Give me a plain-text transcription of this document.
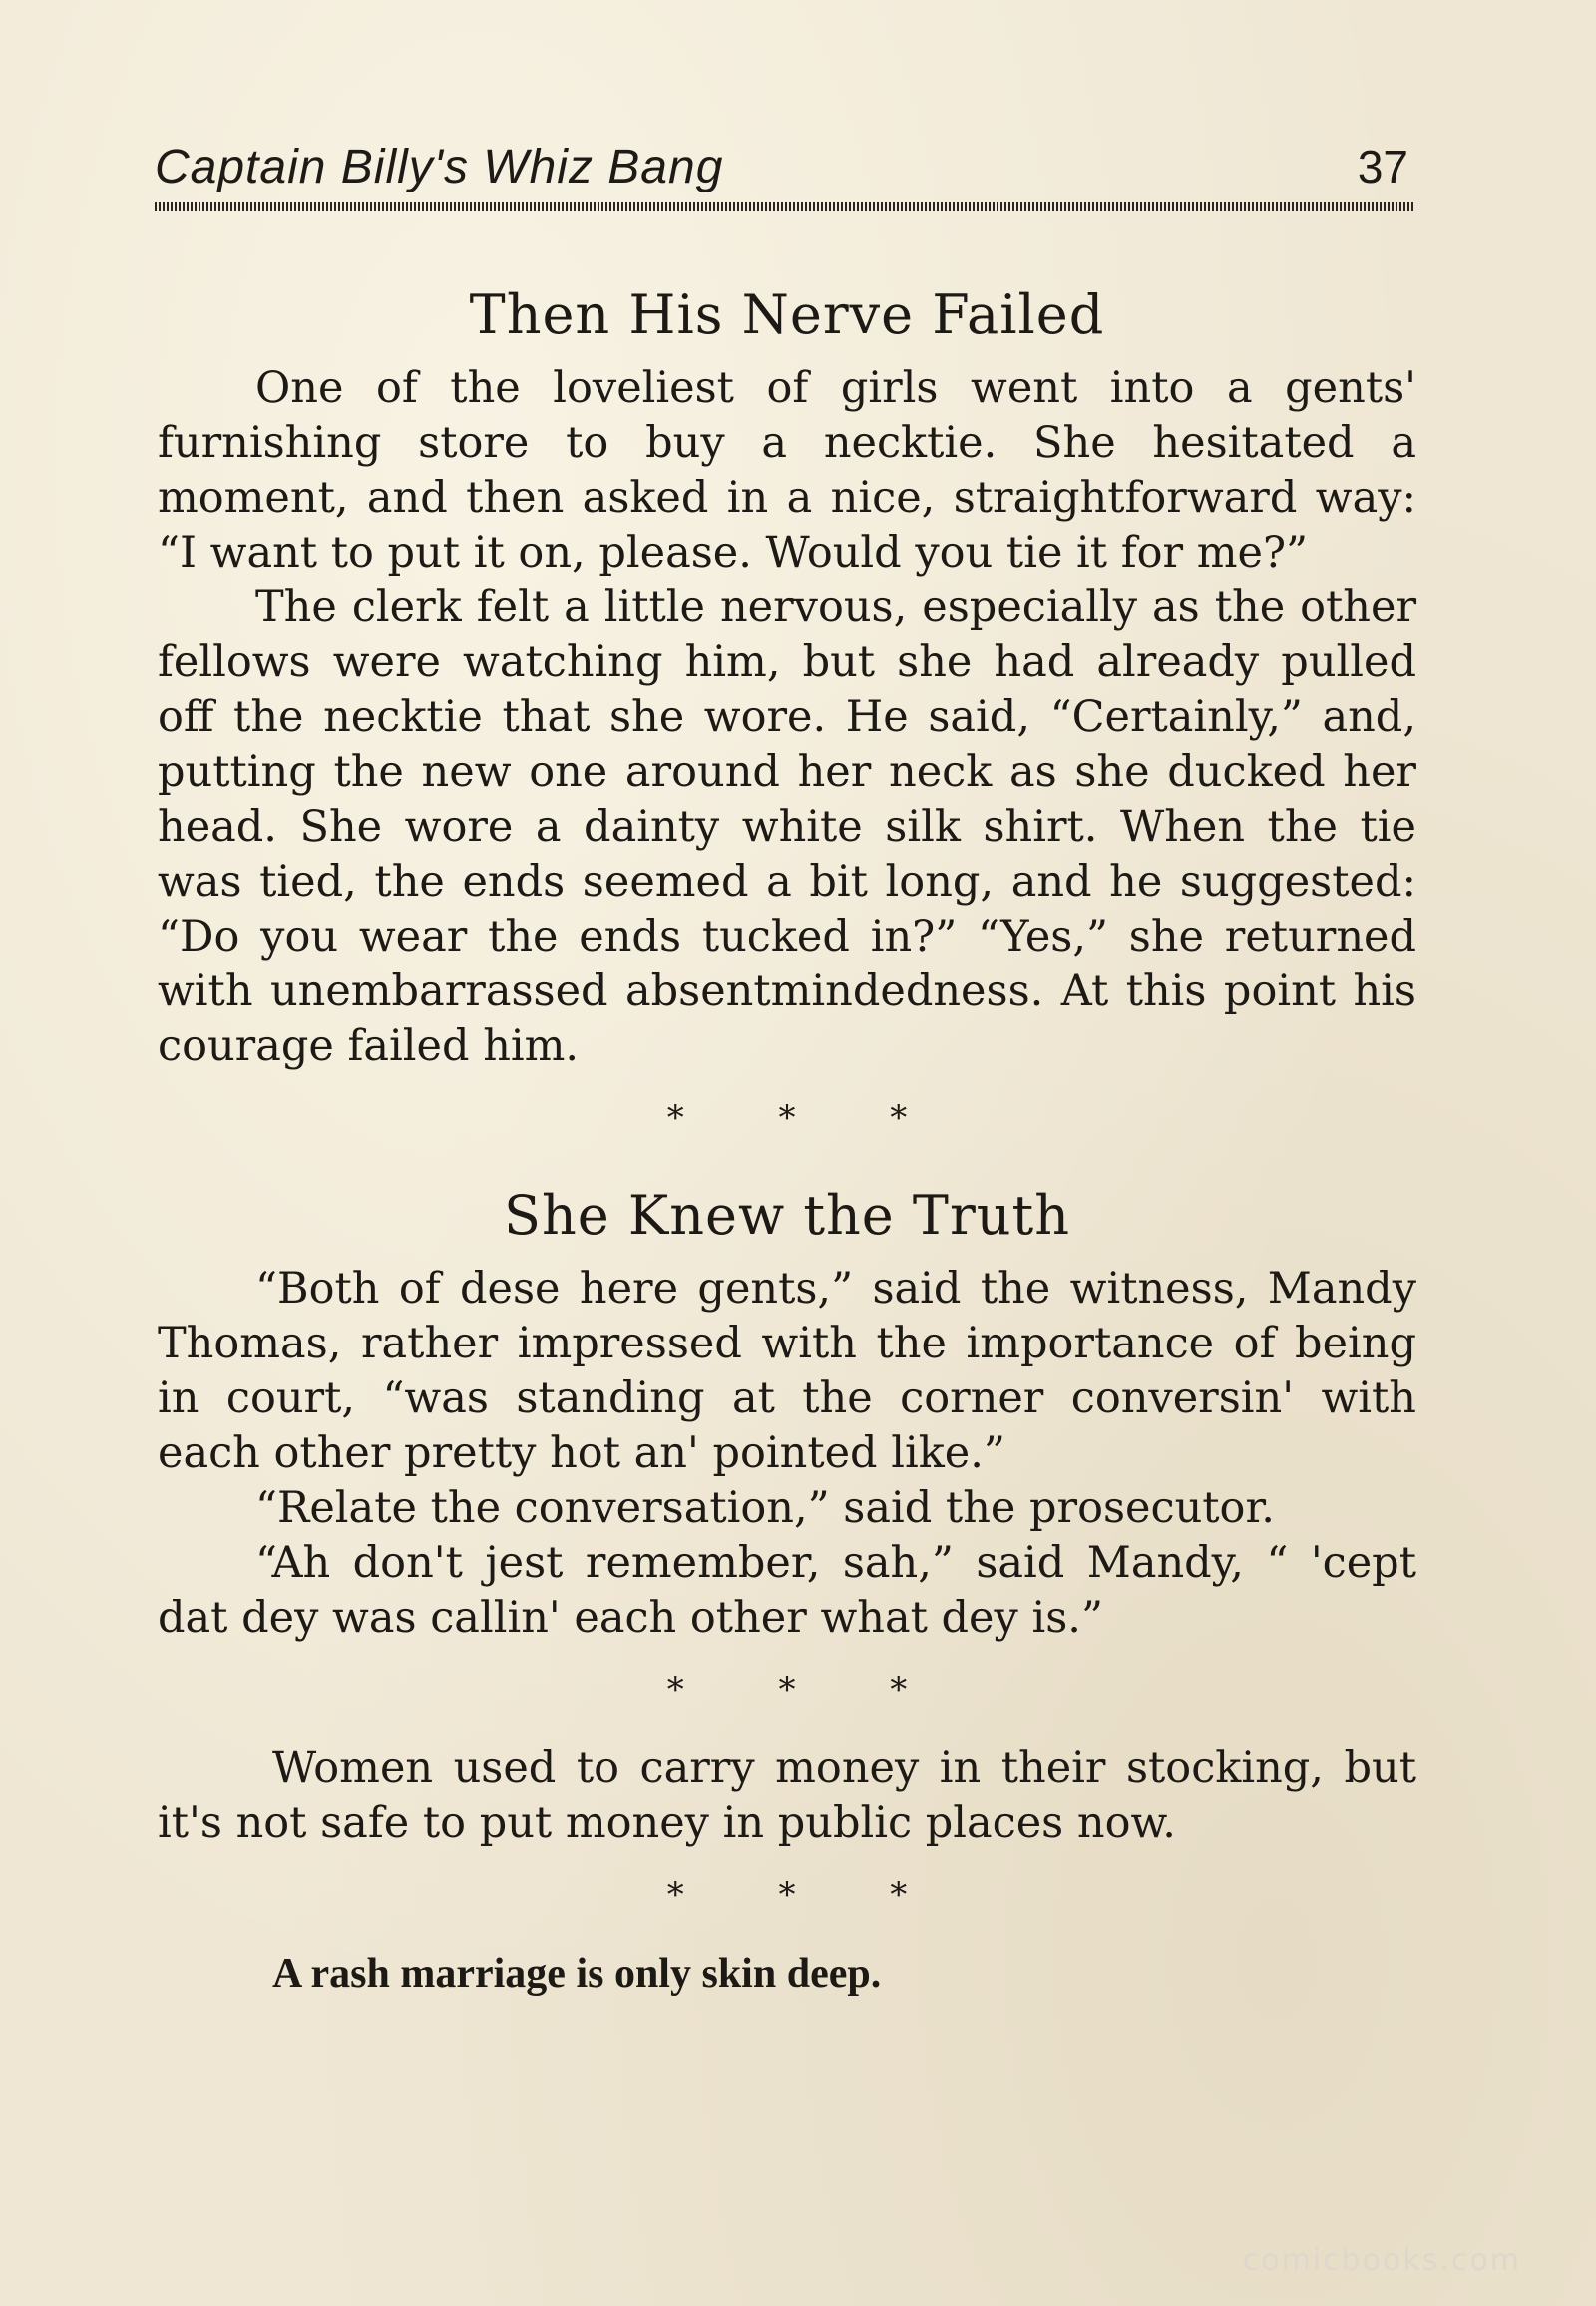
Captain Billy's Whiz Bang	37
Then His Nerve Failed

One of the loveliest of girls went into a gents' furnishing store to buy a necktie. She hesitated a moment, and then asked in a nice, straightforward way: “I want to put it on, please. Would you tie it for me?”

The clerk felt a little nervous, especially as the other fellows were watching him, but she had already pulled off the necktie that she wore. He said, “Certainly,” and, putting the new one around her neck as she ducked her head. She wore a dainty white silk shirt. When the tie was tied, the ends seemed a bit long, and he suggested: “Do you wear the ends tucked in?” “Yes,” she returned with unembarrassed absentmindedness. At this point his courage failed him.

* * *
She Knew the Truth

“Both of dese here gents,” said the witness, Mandy Thomas, rather impressed with the importance of being in court, “was standing at the corner conversin' with each other pretty hot an' pointed like.”

“Relate the conversation,” said the prosecutor.

“Ah don't jest remember, sah,” said Mandy, “ 'cept dat dey was callin' each other what dey is.”

* * *

Women used to carry money in their stocking, but it's not safe to put money in public places now.

* * *

A rash marriage is only skin deep.

comicbooks.com
